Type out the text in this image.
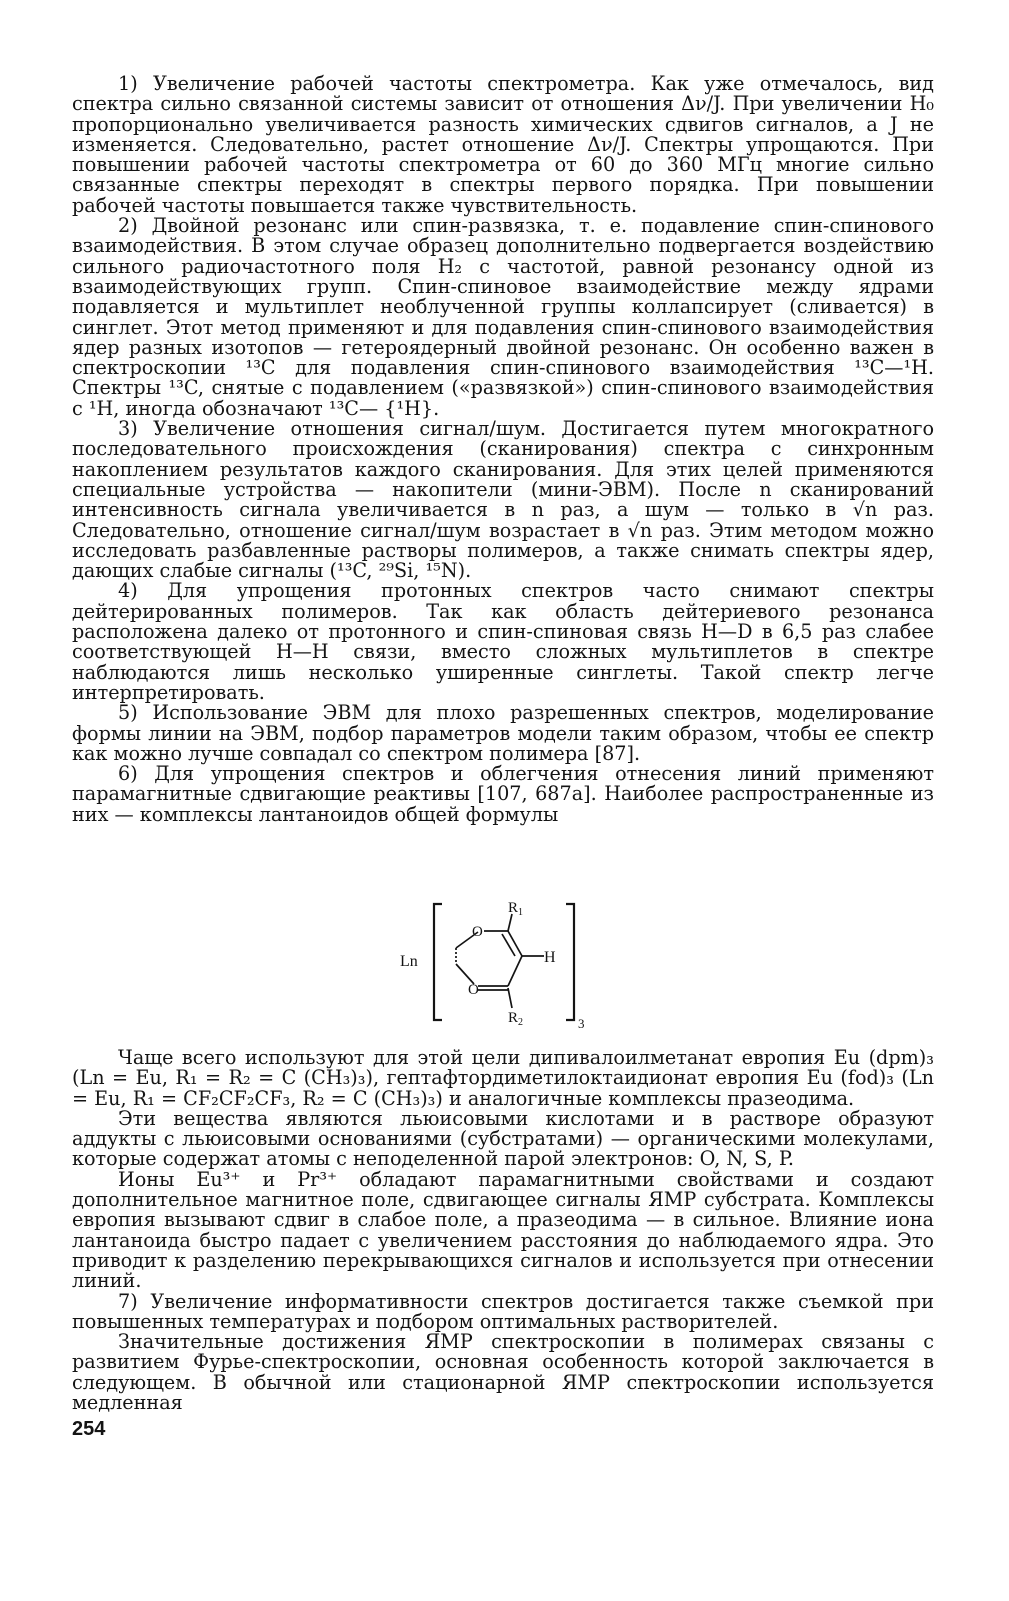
1) Увеличение рабочей частоты спектрометра. Как уже отмечалось, вид спектра сильно связанной системы зависит от отношения Δν/J. При увеличении H₀ пропорционально увеличивается разность химических сдвигов сигналов, а J не изменяется. Следовательно, растет отношение Δν/J. Спектры упрощаются. При повышении рабочей частоты спектрометра от 60 до 360 МГц многие сильно связанные спектры переходят в спектры первого порядка. При повышении рабочей частоты повышается также чувствительность.

2) Двойной резонанс или спин-развязка, т. е. подавление спин-спинового взаимодействия. В этом случае образец дополнительно подвергается воздействию сильного радиочастотного поля H₂ с частотой, равной резонансу одной из взаимодействующих групп. Спин-спиновое взаимодействие между ядрами подавляется и мультиплет необлученной группы коллапсирует (сливается) в синглет. Этот метод применяют и для подавления спин-спинового взаимодействия ядер разных изотопов — гетероядерный двойной резонанс. Он особенно важен в спектроскопии ¹³C для подавления спин-спинового взаимодействия ¹³C—¹H. Спектры ¹³C, снятые с подавлением («развязкой») спин-спинового взаимодействия с ¹H, иногда обозначают ¹³C— {¹H}.

3) Увеличение отношения сигнал/шум. Достигается путем многократного последовательного происхождения (сканирования) спектра с синхронным накоплением результатов каждого сканирования. Для этих целей применяются специальные устройства — накопители (мини-ЭВМ). После n сканирований интенсивность сигнала увеличивается в n раз, а шум — только в √n раз. Следовательно, отношение сигнал/шум возрастает в √n раз. Этим методом можно исследовать разбавленные растворы полимеров, а также снимать спектры ядер, дающих слабые сигналы (¹³C, ²⁹Si, ¹⁵N).

4) Для упрощения протонных спектров часто снимают спектры дейтерированных полимеров. Так как область дейтериевого резонанса расположена далеко от протонного и спин-спиновая связь H—D в 6,5 раз слабее соответствующей H—H связи, вместо сложных мультиплетов в спектре наблюдаются лишь несколько уширенные синглеты. Такой спектр легче интерпретировать.

5) Использование ЭВМ для плохо разрешенных спектров, моделирование формы линии на ЭВМ, подбор параметров модели таким образом, чтобы ее спектр как можно лучше совпадал со спектром полимера [87].

6) Для упрощения спектров и облегчения отнесения линий применяют парамагнитные сдвигающие реактивы [107, 687а]. Наиболее распространенные из них — комплексы лантаноидов общей формулы

Ln
O
O
H
$R_1$
$R_2$	3

Чаще всего используют для этой цели дипивалоилметанат европия Eu (dpm)₃ (Ln = Eu, R₁ = R₂ = C (CH₃)₃), гептафтордиметилоктаидионат европия Eu (fod)₃ (Ln = Eu, R₁ = CF₂CF₂CF₃, R₂ = C (CH₃)₃) и аналогичные комплексы празеодима.

Эти вещества являются льюисовыми кислотами и в растворе образуют аддукты с льюисовыми основаниями (субстратами) — органическими молекулами, которые содержат атомы с неподеленной парой электронов: O, N, S, P.

Ионы Eu³⁺ и Pr³⁺ обладают парамагнитными свойствами и создают дополнительное магнитное поле, сдвигающее сигналы ЯМР субстрата. Комплексы европия вызывают сдвиг в слабое поле, а празеодима — в сильное. Влияние иона лантаноида быстро падает с увеличением расстояния до наблюдаемого ядра. Это приводит к разделению перекрывающихся сигналов и используется при отнесении линий.

7) Увеличение информативности спектров достигается также съемкой при повышенных температурах и подбором оптимальных растворителей.

Значительные достижения ЯМР спектроскопии в полимерах связаны с развитием Фурье-спектроскопии, основная особенность которой заключается в следующем. В обычной или стационарной ЯМР спектроскопии используется медленная

254
